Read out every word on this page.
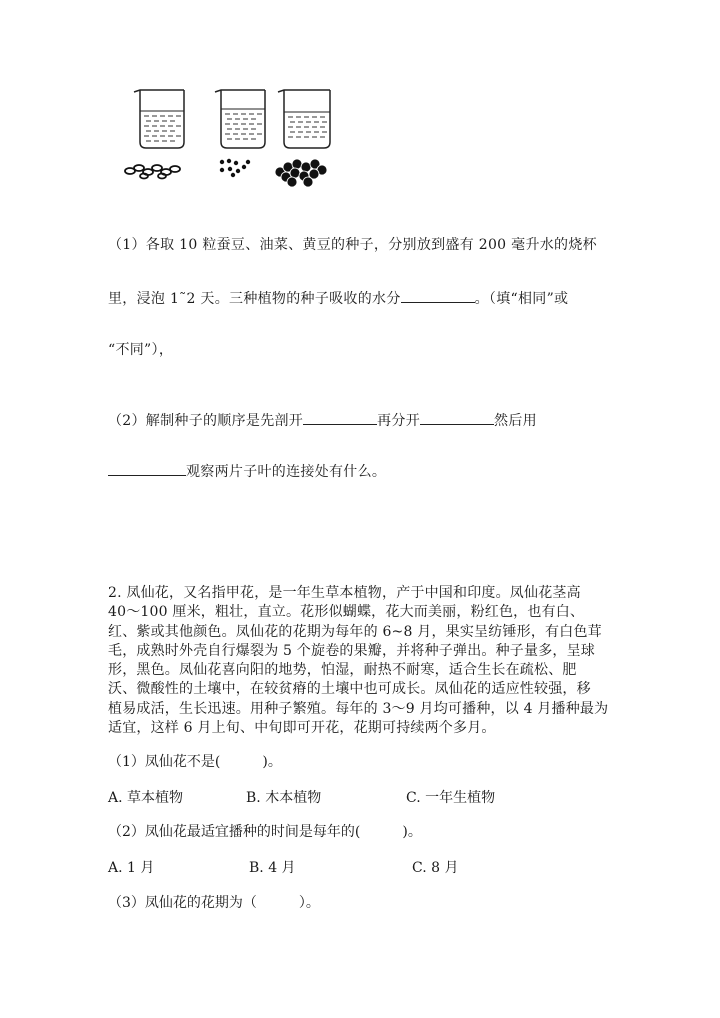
（1）各取 10 粒蚕豆、油菜、黄豆的种子，分别放到盛有 200 毫升水的烧杯
里，浸泡 1˜2 天。三种植物的种子吸收的水分	。（填“相同”或
“不同”），
（2）解制种子的顺序是先剖开	再分开	然后用
观察两片子叶的连接处有什么。
2. 凤仙花，又名指甲花，是一年生草本植物，产于中国和印度。凤仙花茎高
40～100 厘米，粗壮，直立。花形似蝴蝶，花大而美丽，粉红色，也有白、
红、紫或其他颜色。凤仙花的花期为每年的 6~8 月，果实呈纺锤形，有白色茸
毛，成熟时外壳自行爆裂为 5 个旋卷的果瓣，并将种子弹出。种子量多，呈球
形，黑色。凤仙花喜向阳的地势，怕湿，耐热不耐寒，适合生长在疏松、肥
沃、微酸性的土壤中，在较贫瘠的土壤中也可成长。凤仙花的适应性较强，移
植易成活，生长迅速。用种子繁殖。每年的 3～9 月均可播种，以 4 月播种最为
适宜，这样 6 月上旬、中旬即可开花，花期可持续两个多月。
（1）凤仙花不是(　　　)。
A. 草本植物	B. 木本植物	C. 一年生植物
（2）凤仙花最适宜播种的时间是每年的(　　　)。
A. 1 月	B. 4 月	C. 8 月
（3）凤仙花的花期为（　　　）。
